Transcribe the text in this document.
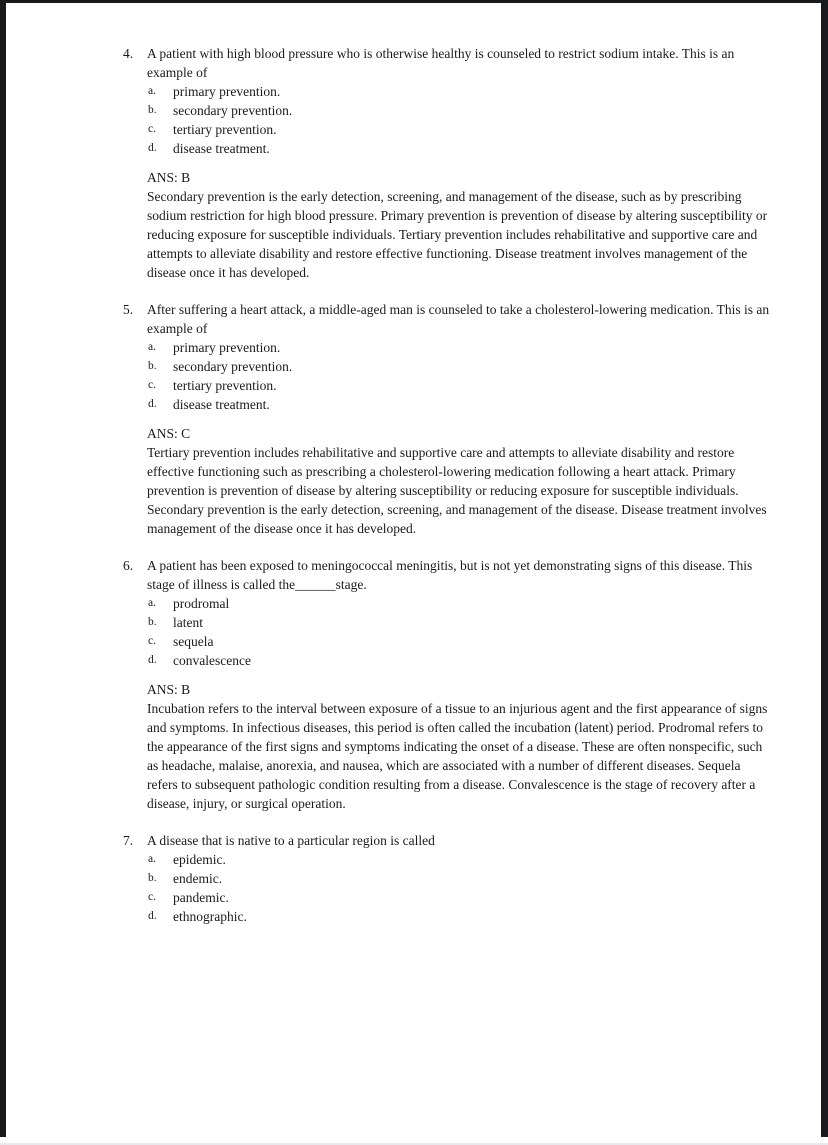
4.	A patient with high blood pressure who is otherwise healthy is counseled to restrict sodium intake. This is an example of
a.	primary prevention.
b.	secondary prevention.
c.	tertiary prevention.
d.	disease treatment.
ANS: B
Secondary prevention is the early detection, screening, and management of the disease, such as by prescribing sodium restriction for high blood pressure. Primary prevention is prevention of disease by altering susceptibility or reducing exposure for susceptible individuals. Tertiary prevention includes rehabilitative and supportive care and attempts to alleviate disability and restore effective functioning. Disease treatment involves management of the disease once it has developed.
5.	After suffering a heart attack, a middle-aged man is counseled to take a cholesterol-lowering medication. This is an example of
a.	primary prevention.
b.	secondary prevention.
c.	tertiary prevention.
d.	disease treatment.
ANS: C
Tertiary prevention includes rehabilitative and supportive care and attempts to alleviate disability and restore effective functioning such as prescribing a cholesterol-lowering medication following a heart attack. Primary prevention is prevention of disease by altering susceptibility or reducing exposure for susceptible individuals. Secondary prevention is the early detection, screening, and management of the disease. Disease treatment involves management of the disease once it has developed.
6.	A patient has been exposed to meningococcal meningitis, but is not yet demonstrating signs of this disease. This stage of illness is called the______stage.
a.	prodromal
b.	latent
c.	sequela
d.	convalescence
ANS: B
Incubation refers to the interval between exposure of a tissue to an injurious agent and the first appearance of signs and symptoms. In infectious diseases, this period is often called the incubation (latent) period. Prodromal refers to the appearance of the first signs and symptoms indicating the onset of a disease. These are often nonspecific, such as headache, malaise, anorexia, and nausea, which are associated with a number of different diseases. Sequela refers to subsequent pathologic condition resulting from a disease. Convalescence is the stage of recovery after a disease, injury, or surgical operation.
7.	A disease that is native to a particular region is called
a.	epidemic.
b.	endemic.
c.	pandemic.
d.	ethnographic.
